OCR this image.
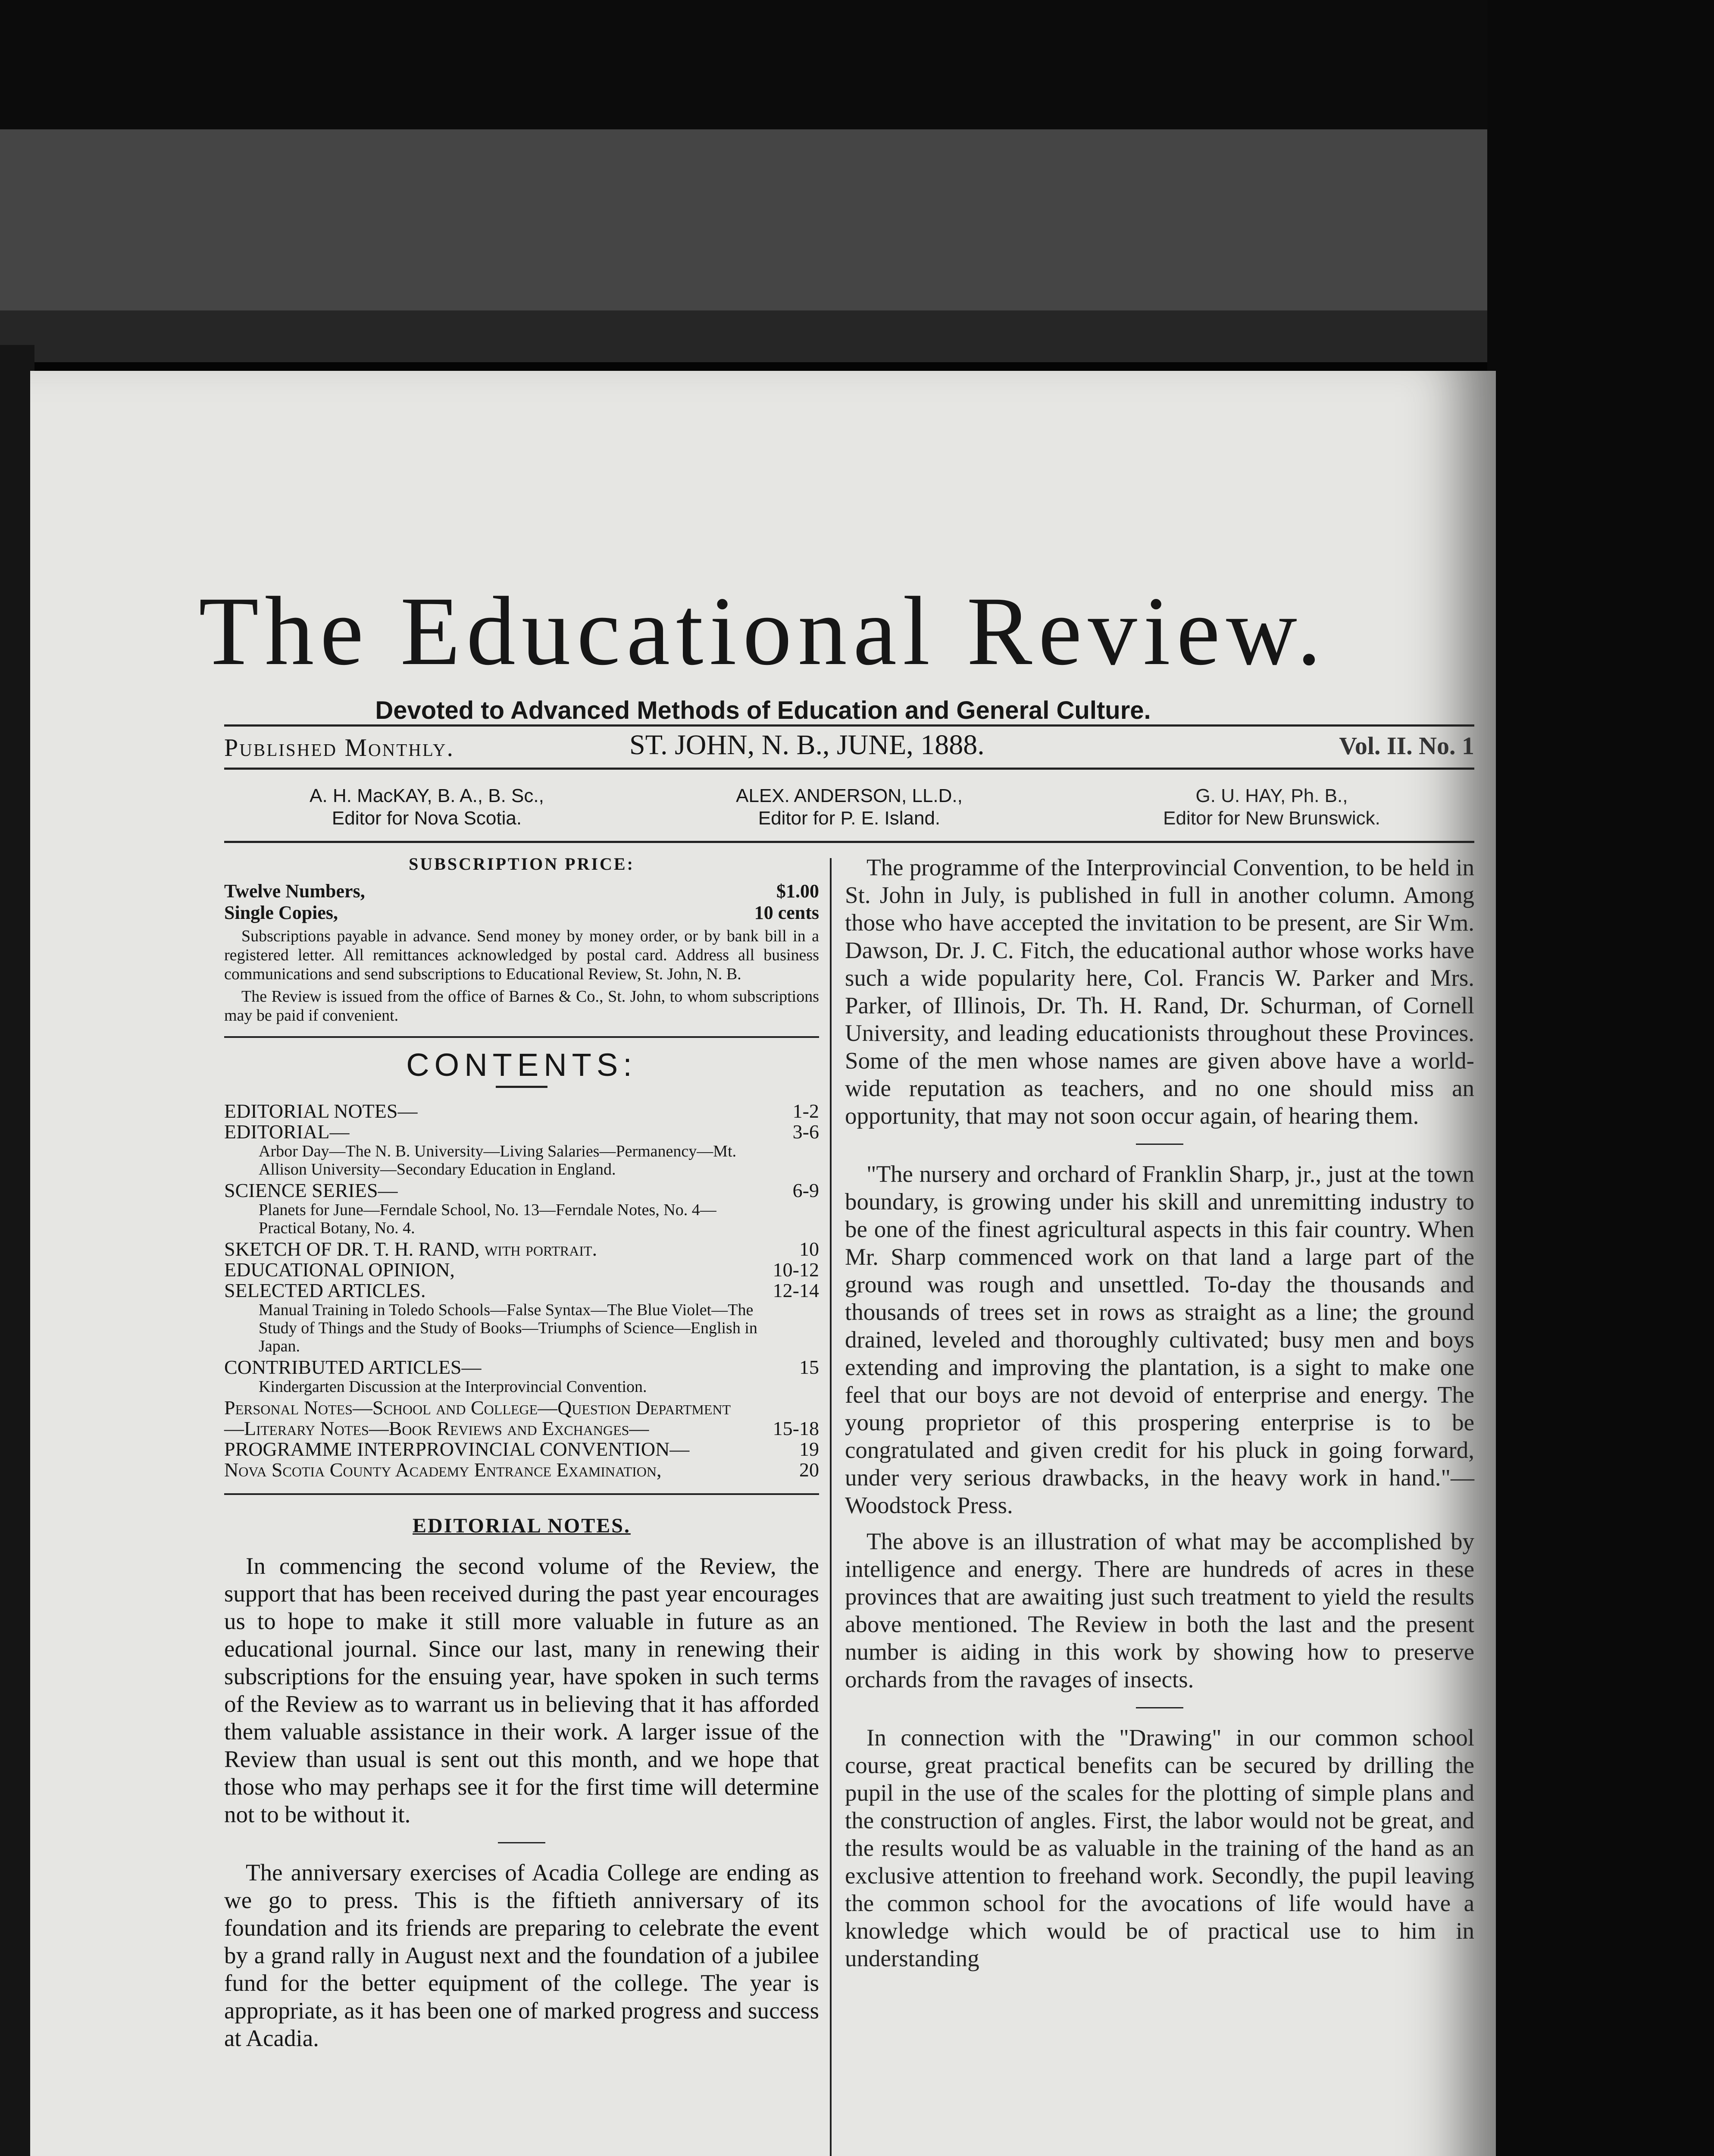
The Educational Review.
Devoted to Advanced Methods of Education and General Culture.
Published Monthly.	ST. JOHN, N. B., JUNE, 1888.	Vol. II. No. 1
A. H. MacKAY, B. A., B. Sc.,
Editor for Nova Scotia.
ALEX. ANDERSON, LL.D.,
Editor for P. E. Island.
G. U. HAY, Ph. B.,
Editor for New Brunswick.
SUBSCRIPTION PRICE:
Twelve Numbers,	$1.00
Single Copies,	10 cents

Subscriptions payable in advance. Send money by money order, or by bank bill in a registered letter. All remittances acknowledged by postal card. Address all business communications and send subscriptions to Educational Review, St. John, N. B.

The Review is issued from the office of Barnes & Co., St. John, to whom subscriptions may be paid if convenient.

CONTENTS:
EDITORIAL NOTES—	1-2
EDITORIAL—	3-6
Arbor Day—The N. B. University—Living Salaries—Permanency—Mt. Allison University—Secondary Education in England.
SCIENCE SERIES—	6-9
Planets for June—Ferndale School, No. 13—Ferndale Notes, No. 4—Practical Botany, No. 4.
SKETCH OF DR. T. H. RAND, with portrait.	10
EDUCATIONAL OPINION,	10-12
SELECTED ARTICLES.	12-14
Manual Training in Toledo Schools—False Syntax—The Blue Violet—The Study of Things and the Study of Books—Triumphs of Science—English in Japan.
CONTRIBUTED ARTICLES—	15
Kindergarten Discussion at the Interprovincial Convention.
Personal Notes—School and College—Question Department —Literary Notes—Book Reviews and Exchanges—	15-18
PROGRAMME INTERPROVINCIAL CONVENTION—	19
Nova Scotia County Academy Entrance Examination,	20
EDITORIAL NOTES.

In commencing the second volume of the Review, the support that has been received during the past year encourages us to hope to make it still more valuable in future as an educational journal. Since our last, many in renewing their subscriptions for the ensuing year, have spoken in such terms of the Review as to warrant us in believing that it has afforded them valuable assistance in their work. A larger issue of the Review than usual is sent out this month, and we hope that those who may perhaps see it for the first time will determine not to be without it.

The anniversary exercises of Acadia College are ending as we go to press. This is the fiftieth anniversary of its foundation and its friends are preparing to celebrate the event by a grand rally in August next and the foundation of a jubilee fund for the better equipment of the college. The year is appropriate, as it has been one of marked progress and success at Acadia.

The programme of the Interprovincial Convention, to be held in St. John in July, is published in full in another column. Among those who have accepted the invitation to be present, are Sir Wm. Dawson, Dr. J. C. Fitch, the educational author whose works have such a wide popularity here, Col. Francis W. Parker and Mrs. Parker, of Illinois, Dr. Th. H. Rand, Dr. Schurman, of Cornell University, and leading educationists throughout these Provinces. Some of the men whose names are given above have a world-wide reputation as teachers, and no one should miss an opportunity, that may not soon occur again, of hearing them.

"The nursery and orchard of Franklin Sharp, jr., just at the town boundary, is growing under his skill and unremitting industry to be one of the finest agricultural aspects in this fair country. When Mr. Sharp commenced work on that land a large part of the ground was rough and unsettled. To-day the thousands and thousands of trees set in rows as straight as a line; the ground drained, leveled and thoroughly cultivated; busy men and boys extending and improving the plantation, is a sight to make one feel that our boys are not devoid of enterprise and energy. The young proprietor of this prospering enterprise is to be congratulated and given credit for his pluck in going forward, under very serious drawbacks, in the heavy work in hand."—Woodstock Press.

The above is an illustration of what may be accomplished by intelligence and energy. There are hundreds of acres in these provinces that are awaiting just such treatment to yield the results above mentioned. The Review in both the last and the present number is aiding in this work by showing how to preserve orchards from the ravages of insects.

In connection with the "Drawing" in our common school course, great practical benefits can be secured by drilling the pupil in the use of the scales for the plotting of simple plans and the construction of angles. First, the labor would not be great, and the results would be as valuable in the training of the hand as an exclusive attention to freehand work. Secondly, the pupil leaving the common school for the avocations of life would have a knowledge which would be of practical use to him in understanding
